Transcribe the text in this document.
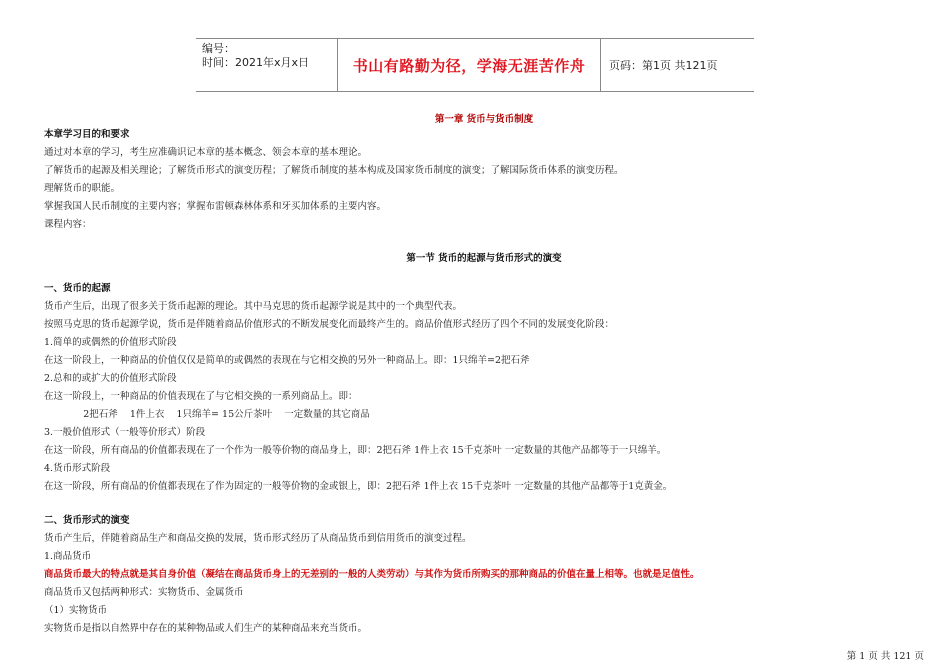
编号：
时间：2021年x月x日	书山有路勤为径，学海无涯苦作舟	页码：第1页 共121页
第一章 货币与货币制度
本章学习目的和要求
通过对本章的学习，考生应准确识记本章的基本概念、领会本章的基本理论。
了解货币的起源及相关理论；了解货币形式的演变历程；了解货币制度的基本构成及国家货币制度的演变；了解国际货币体系的演变历程。
理解货币的职能。
掌握我国人民币制度的主要内容；掌握布雷顿森林体系和牙买加体系的主要内容。
课程内容：
第一节 货币的起源与货币形式的演变
一、货币的起源
货币产生后，出现了很多关于货币起源的理论。其中马克思的货币起源学说是其中的一个典型代表。
按照马克思的货币起源学说，货币是伴随着商品价值形式的不断发展变化而最终产生的。商品价值形式经历了四个不同的发展变化阶段：
1.简单的或偶然的价值形式阶段
在这一阶段上，一种商品的价值仅仅是简单的或偶然的表现在与它相交换的另外一种商品上。即：1只绵羊=2把石斧
2.总和的或扩大的价值形式阶段
在这一阶段上，一种商品的价值表现在了与它相交换的一系列商品上。即：
2把石斧    1件上衣    1只绵羊= 15公斤茶叶    一定数量的其它商品
3.一般价值形式（一般等价形式）阶段
在这一阶段，所有商品的价值都表现在了一个作为一般等价物的商品身上，即：2把石斧 1件上衣 15千克茶叶 一定数量的其他产品都等于一只绵羊。
4.货币形式阶段
在这一阶段，所有商品的价值都表现在了作为固定的一般等价物的金或银上，即：2把石斧 1件上衣 15千克茶叶 一定数量的其他产品都等于1克黄金。
二、货币形式的演变
货币产生后，伴随着商品生产和商品交换的发展，货币形式经历了从商品货币到信用货币的演变过程。
1.商品货币
商品货币最大的特点就是其自身价值（凝结在商品货币身上的无差别的一般的人类劳动）与其作为货币所购买的那种商品的价值在量上相等。也就是足值性。
商品货币又包括两种形式：实物货币、金属货币
（1）实物货币
实物货币是指以自然界中存在的某种物品或人们生产的某种商品来充当货币。
第 1 页 共 121 页
